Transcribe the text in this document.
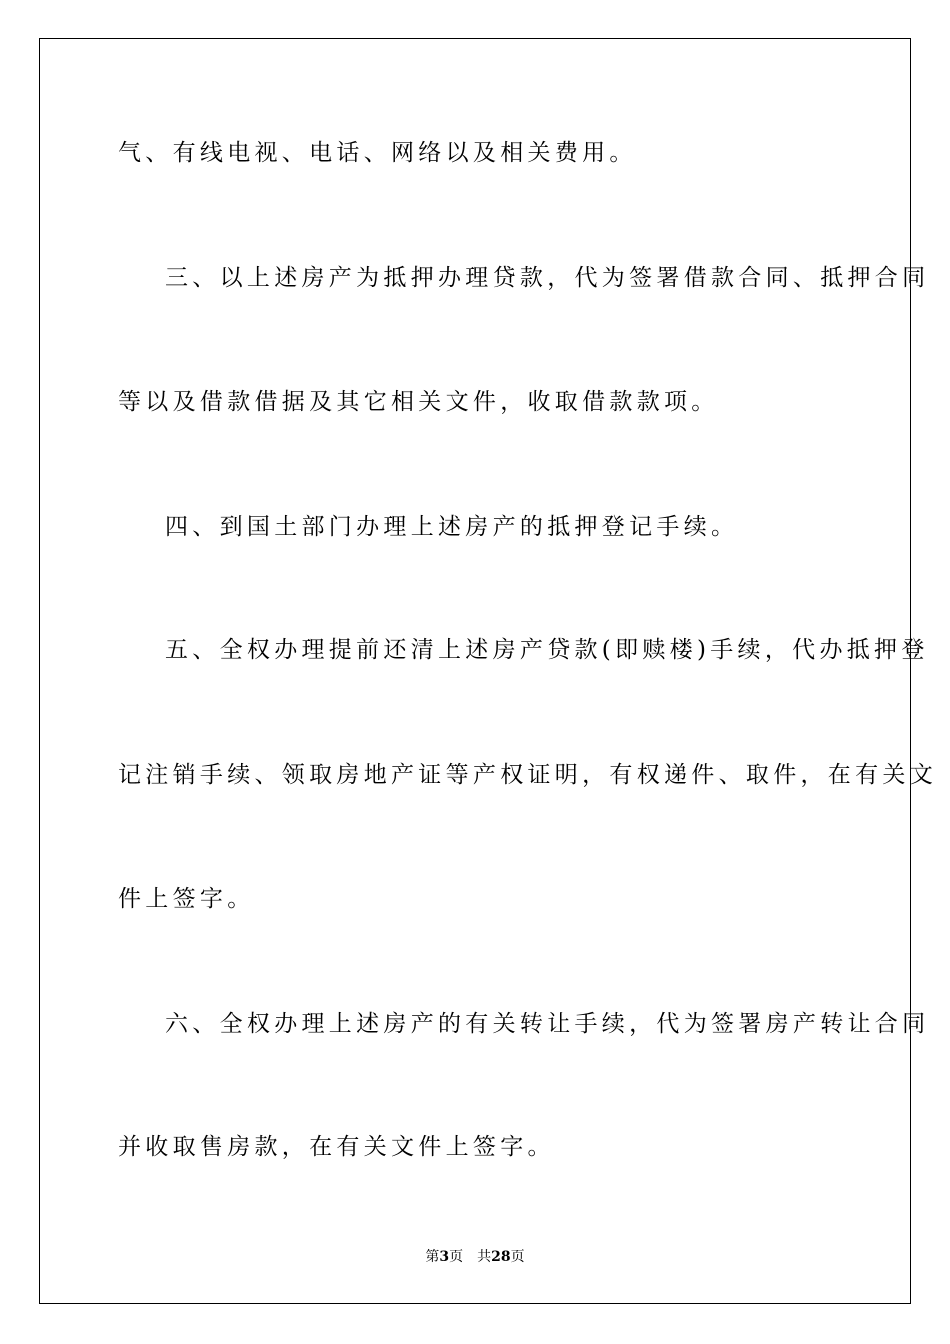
气、有线电视、电话、网络以及相关费用。
三、以上述房产为抵押办理贷款，代为签署借款合同、抵押合同
等以及借款借据及其它相关文件，收取借款款项。
四、到国土部门办理上述房产的抵押登记手续。
五、全权办理提前还清上述房产贷款(即赎楼)手续，代办抵押登
记注销手续、领取房地产证等产权证明，有权递件、取件，在有关文
件上签字。
六、全权办理上述房产的有关转让手续，代为签署房产转让合同
并收取售房款，在有关文件上签字。
第3页 共28页
